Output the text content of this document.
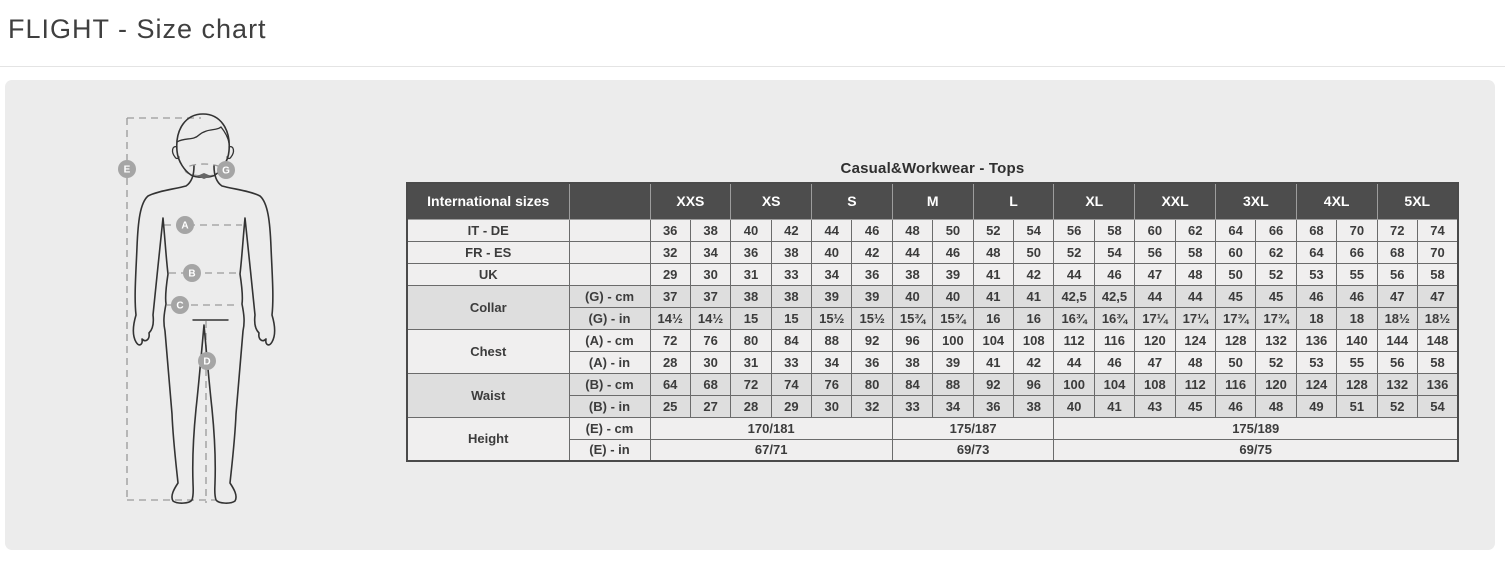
FLIGHT - Size chart
E	G
A
B
C
D
Casual&Workwear - Tops
International sizes		XXS		XS		S		M		L		XL		XXL		3XL		4XL		5XL	
IT - DE		36	38	40	42	44	46	48	50	52	54	56	58	60	62	64	66	68	70	72	74
FR - ES		32	34	36	38	40	42	44	46	48	50	52	54	56	58	60	62	64	66	68	70
UK		29	30	31	33	34	36	38	39	41	42	44	46	47	48	50	52	53	55	56	58
Collar	(G) - cm	37	37	38	38	39	39	40	40	41	41	42,5	42,5	44	44	45	45	46	46	47	47
	(G) - in	14½	14½	15	15	15½	15½	15¾	15¾	16	16	16¾	16¾	17¼	17¼	17¾	17¾	18	18	18½	18½
Chest	(A) - cm	72	76	80	84	88	92	96	100	104	108	112	116	120	124	128	132	136	140	144	148
	(A) - in	28	30	31	33	34	36	38	39	41	42	44	46	47	48	50	52	53	55	56	58
Waist	(B) - cm	64	68	72	74	76	80	84	88	92	96	100	104	108	112	116	120	124	128	132	136
	(B) - in	25	27	28	29	30	32	33	34	36	38	40	41	43	45	46	48	49	51	52	54
Height	(E) - cm	170/181						175/187				175/189									
	(E) - in	67/71						69/73				69/75									
